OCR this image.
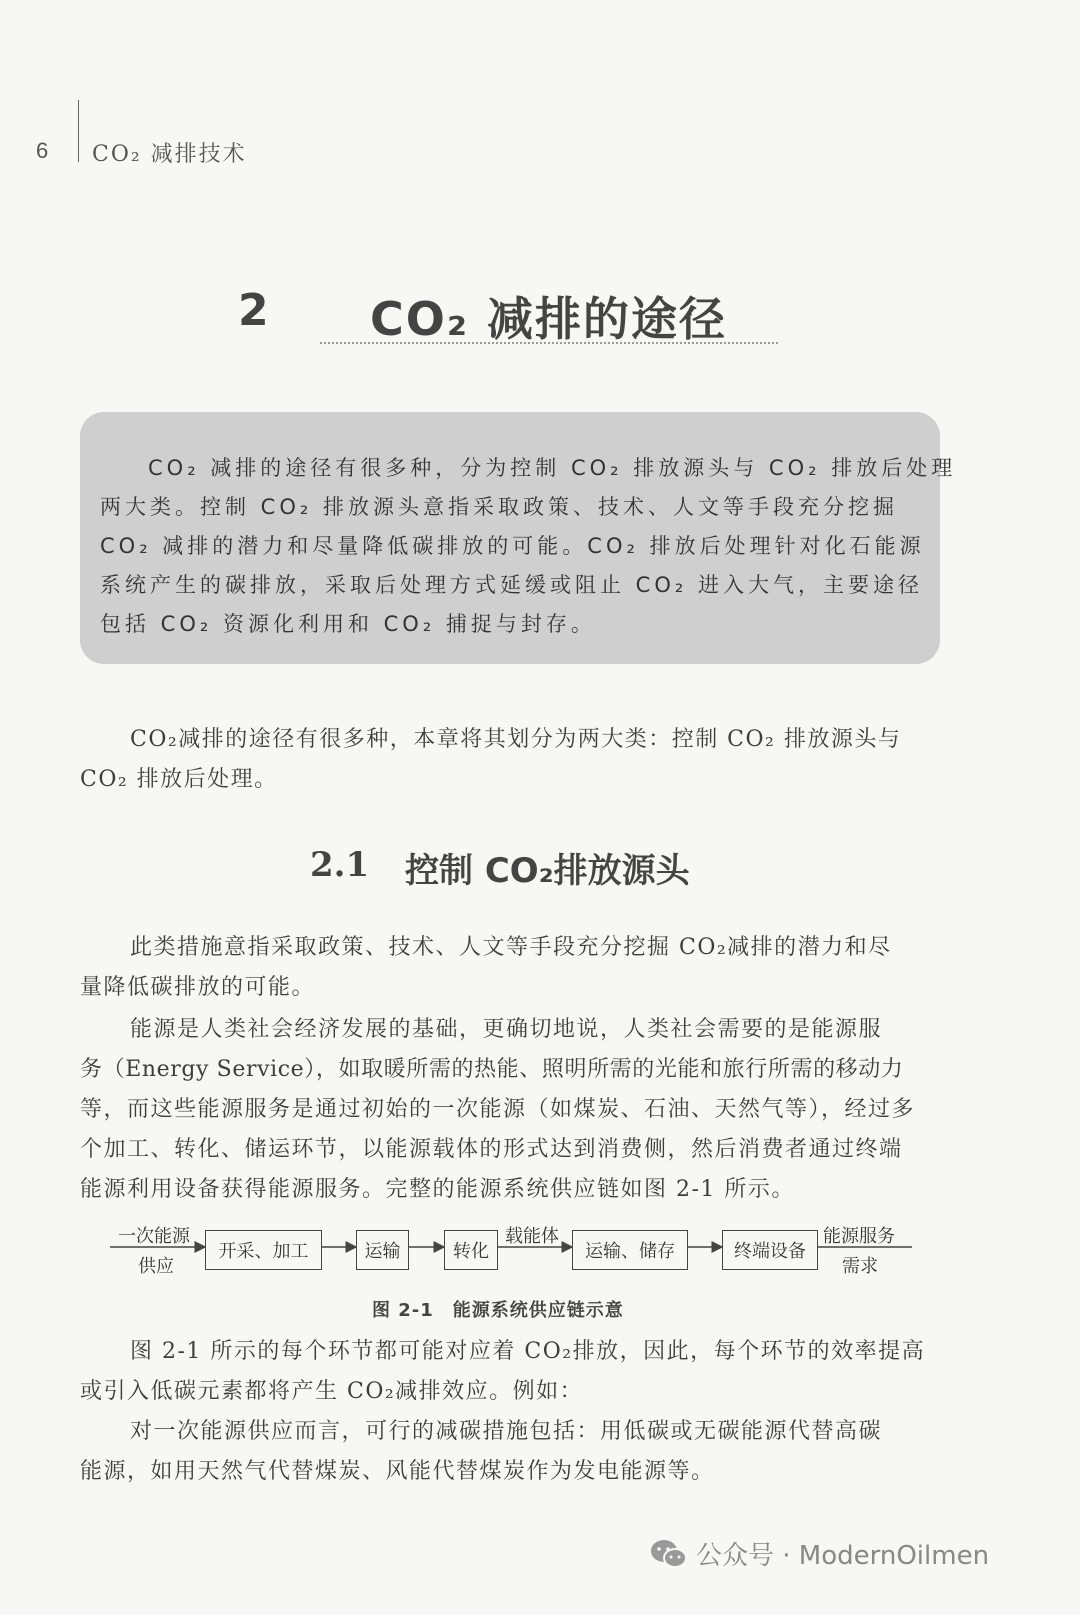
6 CO₂ 减排技术
2 CO₂ 减排的途径
CO₂ 减排的途径有很多种，分为控制 CO₂ 排放源头与 CO₂ 排放后处理
两大类。控制 CO₂ 排放源头意指采取政策、技术、人文等手段充分挖掘
CO₂ 减排的潜力和尽量降低碳排放的可能。CO₂ 排放后处理针对化石能源
系统产生的碳排放，采取后处理方式延缓或阻止 CO₂ 进入大气，主要途径
包括 CO₂ 资源化利用和 CO₂ 捕捉与封存。
CO₂减排的途径有很多种，本章将其划分为两大类：控制 CO₂ 排放源头与
CO₂ 排放后处理。
2.1 控制 CO₂排放源头
此类措施意指采取政策、技术、人文等手段充分挖掘 CO₂减排的潜力和尽
量降低碳排放的可能。
能源是人类社会经济发展的基础，更确切地说，人类社会需要的是能源服
务（Energy Service），如取暖所需的热能、照明所需的光能和旅行所需的移动力
等，而这些能源服务是通过初始的一次能源（如煤炭、石油、天然气等），经过多
个加工、转化、储运环节，以能源载体的形式达到消费侧，然后消费者通过终端
能源利用设备获得能源服务。完整的能源系统供应链如图 2-1 所示。
一次能源
供应
开采、加工	运输	转化
载能体
运输、储存	终端设备
能源服务
需求
图 2-1　能源系统供应链示意
图 2-1 所示的每个环节都可能对应着 CO₂排放，因此，每个环节的效率提高
或引入低碳元素都将产生 CO₂减排效应。例如：
对一次能源供应而言，可行的减碳措施包括：用低碳或无碳能源代替高碳
能源，如用天然气代替煤炭、风能代替煤炭作为发电能源等。
公众号 · ModernOilmen
